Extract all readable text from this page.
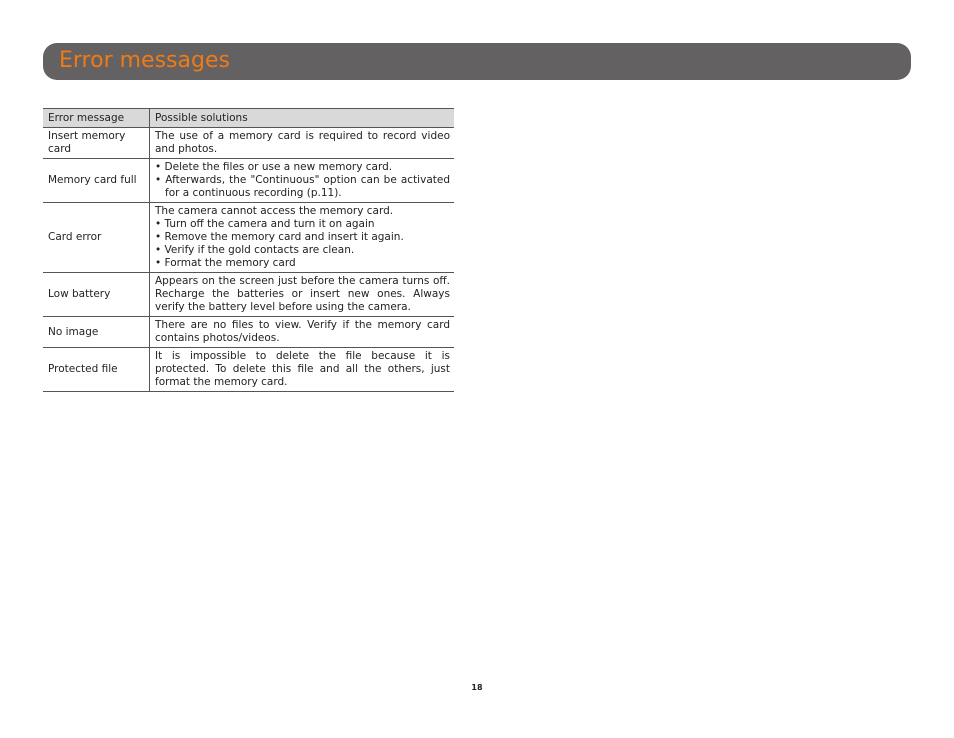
Error messages
Error message	Possible solutions
Insert memory card	The use of a memory card is required to record video and photos.

Memory card full	• Delete the files or use a new memory card.
• Afterwards, the "Continuous" option can be activated for a continuous recording (p.11).

Card error	The camera cannot access the memory card.
• Turn off the camera and turn it on again
• Remove the memory card and insert it again.
• Verify if the gold contacts are clean.
• Format the memory card

Low battery	Appears on the screen just before the camera turns off. Recharge the batteries or insert new ones. Always verify the battery level before using the camera.

No image	There are no files to view. Verify if the memory card contains photos/videos.

Protected file	It is impossible to delete the file because it is protected. To delete this file and all the others, just format the memory card.
18
